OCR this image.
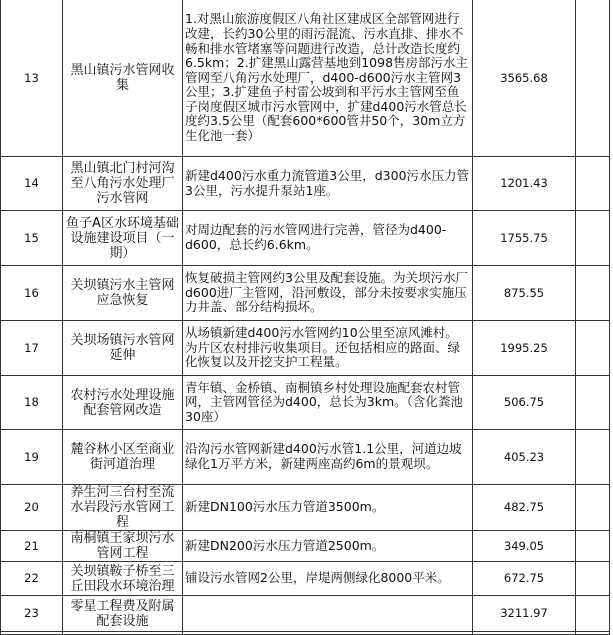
13	黑山镇污水管网收集	1.对黑山旅游度假区八角社区建成区全部管网进行改建，长约30公里的雨污混流、污水直排、排水不畅和排水管堵塞等问题进行改造，总计改造长度约6.5km；2.扩建黑山露营基地到1098售房部污水主管网至八角污水处理厂，d400-d600污水主管网3公里；3.扩建鱼子村雷公坡到和平污水主管网至鱼子岗度假区城市污水管网中，扩建d400污水管总长度约3.5公里（配套600*600管井50个，30m立方生化池一套）	3565.68	
14	黑山镇北门村河沟至八角污水处理厂污水管网	新建d400污水重力流管道3公里，d300污水压力管3公里，污水提升泵站1座。	1201.43	
15	鱼子A区水环境基础设施建设项目（一期）	对周边配套的污水管网进行完善，管径为d400-d600，总长约6.6km。	1755.75	
16	关坝镇污水主管网应急恢复	恢复破损主管网约3公里及配套设施。为关坝污水厂d600进厂主管网，沿河敷设，部分未按要求实施压力井盖、部分结构损坏。	875.55	
17	关坝场镇污水管网延伸	从场镇新建d400污水管网约10公里至凉风滩村。为片区农村排污收集项目。还包括相应的路面、绿化恢复以及开挖支护工程量。	1995.25	
18	农村污水处理设施配套管网改造	青年镇、金桥镇、南桐镇乡村处理设施配套农村管网，主管网管径为d400，总长为3km。（含化粪池30座）	506.75	
19	麓谷林小区至商业街河道治理	沿沟污水管网新建d400污水管1.1公里，河道边坡绿化1万平方米，新建两座高约6m的景观坝。	405.23	
20	养生河三台村至流水岩段污水管网工程	新建DN100污水压力管道3500m。	482.75	
21	南桐镇王家坝污水管网工程	新建DN200污水压力管道2500m。	349.05	
22	关坝镇鞍子桥至三丘田段水环境治理	铺设污水管网2公里，岸堤两侧绿化8000平米。	672.75	
23	零星工程费及附属配套设施		3211.97	
